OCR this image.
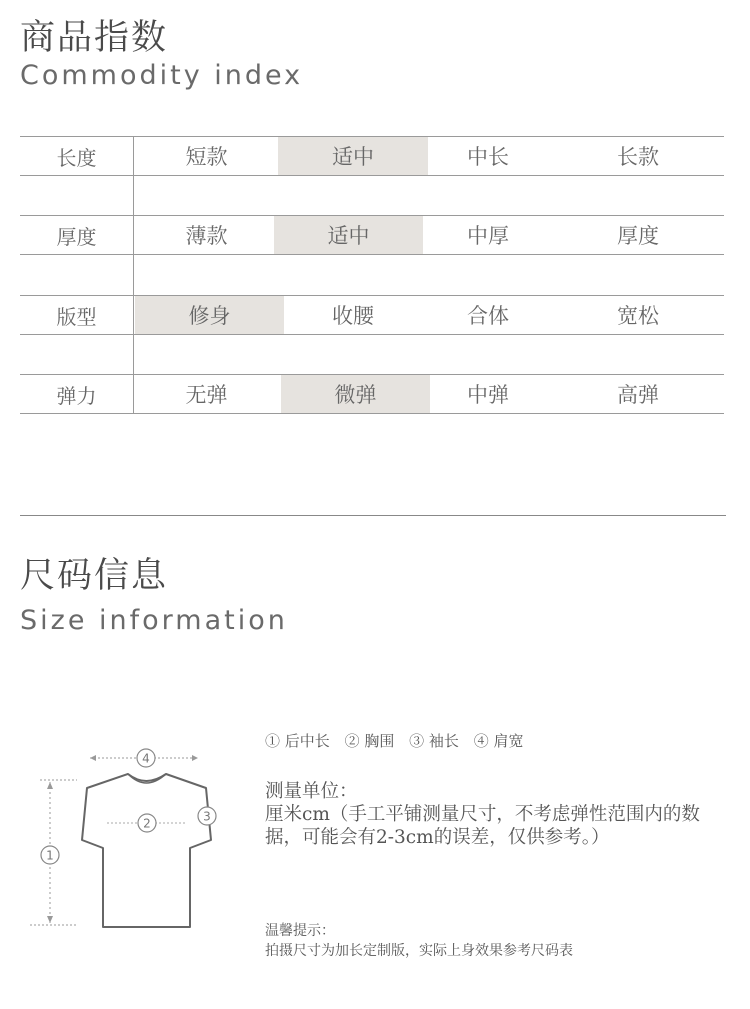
商品指数
Commodity index
长度	短款	适中	中长	长款
厚度	薄款	适中	中厚	厚度
版型	修身	收腰	合体	宽松
弹力	无弹	微弹	中弹	高弹
尺码信息
Size information
4
2	3
1
① 后中长 ② 胸围 ③ 袖长 ④ 肩宽
测量单位：
厘米cm（手工平铺测量尺寸，不考虑弹性范围内的数据，可能会有2-3cm的误差，仅供参考。）
温馨提示：
拍摄尺寸为加长定制版，实际上身效果参考尺码表
